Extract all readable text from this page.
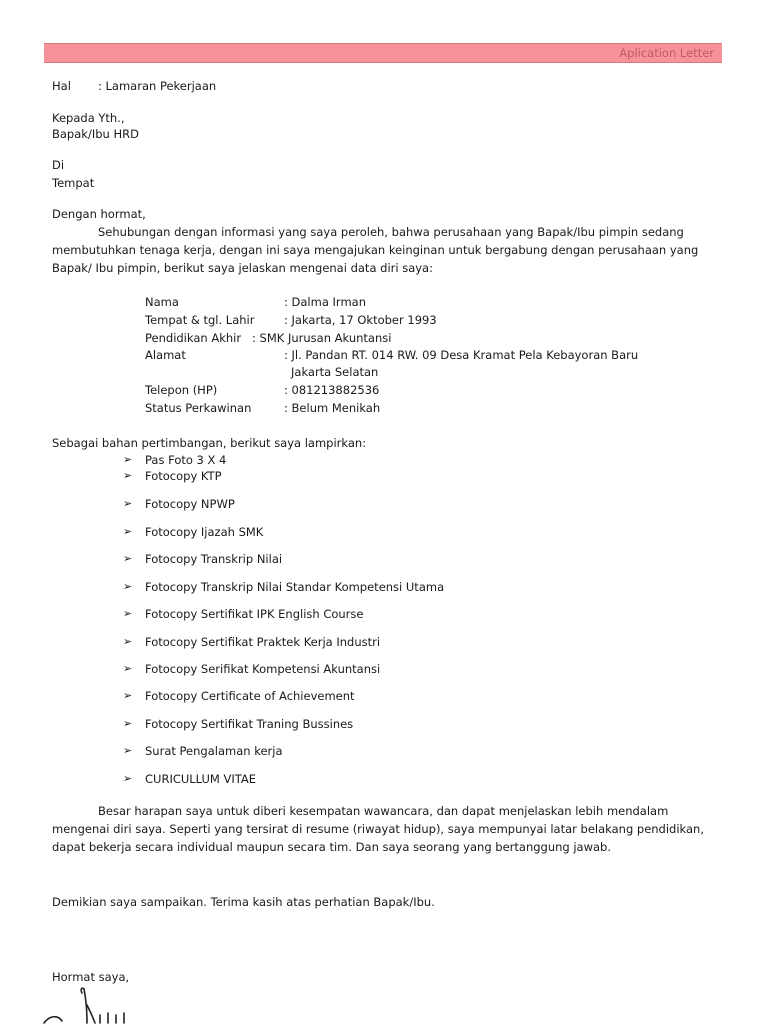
Aplication Letter
Hal : Lamaran Pekerjaan
Kepada Yth.,
Bapak/Ibu HRD
Di
Tempat
Dengan hormat,
Sehubungan dengan informasi yang saya peroleh, bahwa perusahaan yang Bapak/Ibu pimpin sedang membutuhkan tenaga kerja, dengan ini saya mengajukan keinginan untuk bergabung dengan perusahaan yang Bapak/ Ibu pimpin, berikut saya jelaskan mengenai data diri saya:
Nama	: Dalma Irman
Tempat & tgl. Lahir	: Jakarta, 17 Oktober 1993
Pendidikan Akhir   : SMK Jurusan Akuntansi
Alamat	: Jl. Pandan RT. 014 RW. 09 Desa Kramat Pela Kebayoran Baru
Jakarta Selatan
Telepon (HP)	: 081213882536
Status Perkawinan	: Belum Menikah
Sebagai bahan pertimbangan, berikut saya lampirkan:
➢ Pas Foto 3 X 4
➢ Fotocopy KTP
➢ Fotocopy NPWP
➢ Fotocopy Ijazah SMK
➢ Fotocopy Transkrip Nilai
➢ Fotocopy Transkrip Nilai Standar Kompetensi Utama
➢ Fotocopy Sertifikat IPK English Course
➢ Fotocopy Sertifikat Praktek Kerja Industri
➢ Fotocopy Serifikat Kompetensi Akuntansi
➢ Fotocopy Certificate of Achievement
➢ Fotocopy Sertifikat Traning Bussines
➢ Surat Pengalaman kerja
➢ CURICULLUM VITAE
Besar harapan saya untuk diberi kesempatan wawancara, dan dapat menjelaskan lebih mendalam mengenai diri saya. Seperti yang tersirat di resume (riwayat hidup), saya mempunyai latar belakang pendidikan, dapat bekerja secara individual maupun secara tim. Dan saya seorang yang bertanggung jawab.
Demikian saya sampaikan. Terima kasih atas perhatian Bapak/Ibu.
Hormat saya,
